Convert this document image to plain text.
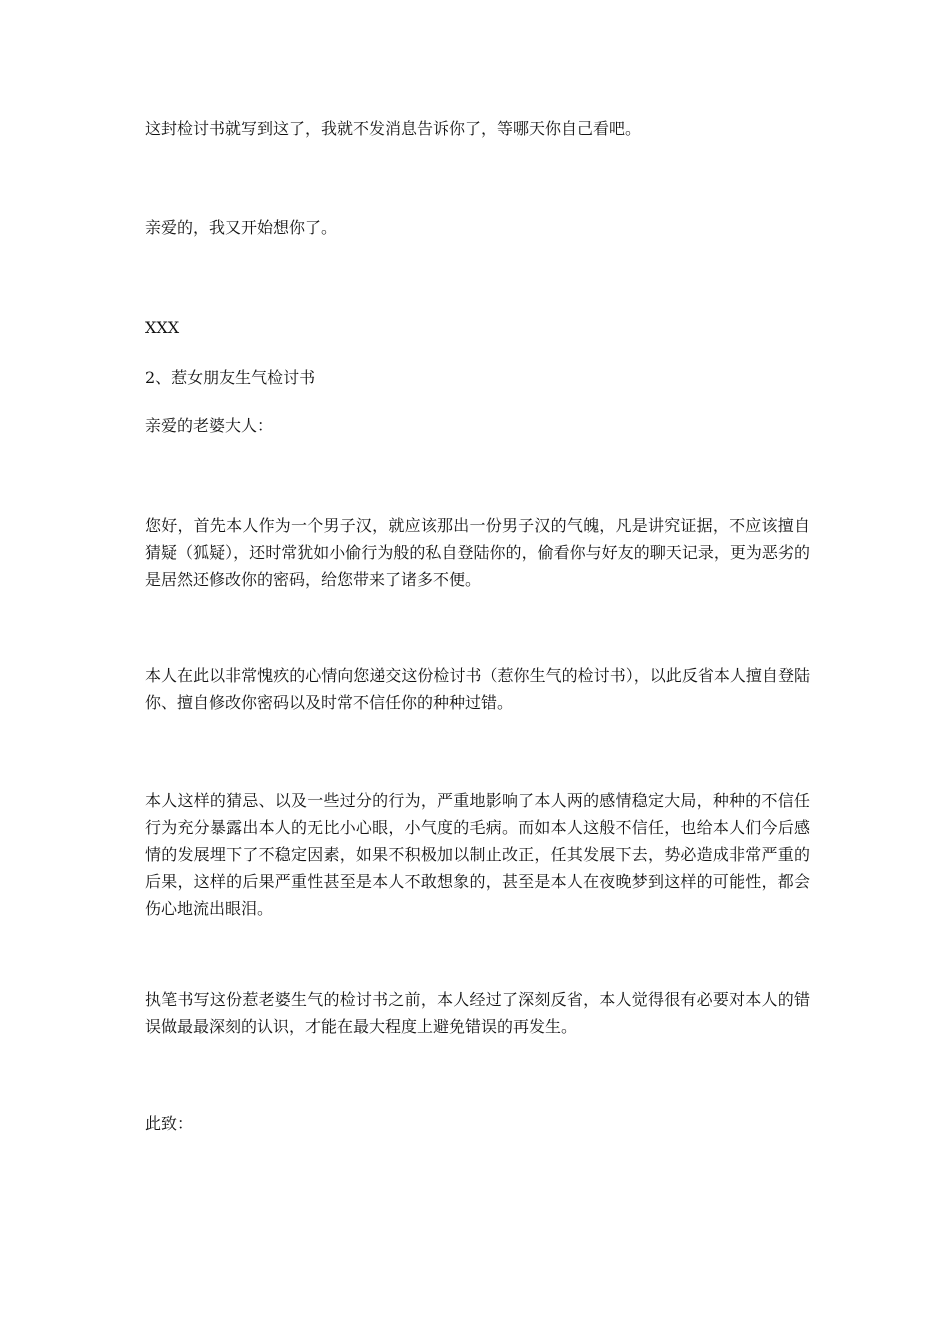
这封检讨书就写到这了，我就不发消息告诉你了，等哪天你自己看吧。

亲爱的，我又开始想你了。

XXX

2、惹女朋友生气检讨书

亲爱的老婆大人：

您好，首先本人作为一个男子汉，就应该那出一份男子汉的气魄，凡是讲究证据，不应该擅自猜疑（狐疑），还时常犹如小偷行为般的私自登陆你的，偷看你与好友的聊天记录，更为恶劣的是居然还修改你的密码，给您带来了诸多不便。

本人在此以非常愧疚的心情向您递交这份检讨书（惹你生气的检讨书），以此反省本人擅自登陆你、擅自修改你密码以及时常不信任你的种种过错。

本人这样的猜忌、以及一些过分的行为，严重地影响了本人两的感情稳定大局，种种的不信任行为充分暴露出本人的无比小心眼，小气度的毛病。而如本人这般不信任，也给本人们今后感情的发展埋下了不稳定因素，如果不积极加以制止改正，任其发展下去，势必造成非常严重的后果，这样的后果严重性甚至是本人不敢想象的，甚至是本人在夜晚梦到这样的可能性，都会伤心地流出眼泪。

执笔书写这份惹老婆生气的检讨书之前，本人经过了深刻反省，本人觉得很有必要对本人的错误做最最深刻的认识，才能在最大程度上避免错误的再发生。

此致：
